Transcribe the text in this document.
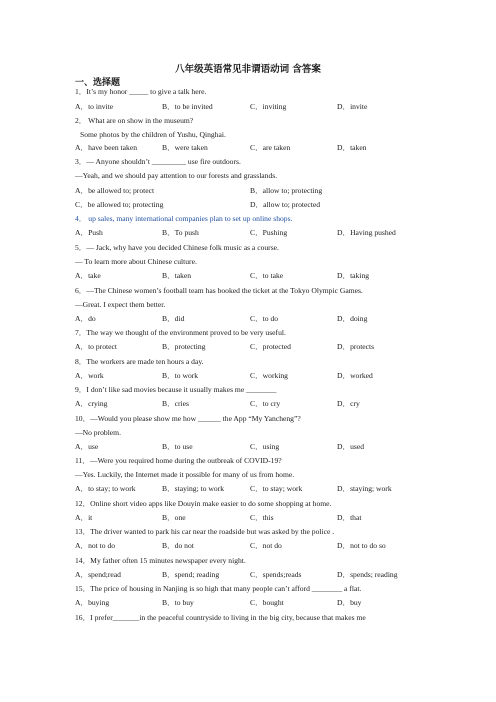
八年级英语常见非谓语动词 含答案
一、选择题
1．It’s my honor _____ to give a talk here.
A．to invite	B．to be invited	C．inviting	D．invite
2． What are on show in the museum?
Some photos by the children of Yushu, Qinghai.
A．have been taken	B．were taken	C．are taken	D．taken
3．— Anyone shouldn’t _________ use fire outdoors.
—Yeah, and we should pay attention to our forests and grasslands.
A．be allowed to; protect	B．allow to; protecting
C．be allowed to; protecting	D．allow to; protected
4． up sales, many international companies plan to set up online shops.
A．Push	B．To push	C．Pushing	D．Having pushed
5．— Jack, why have you decided Chinese folk music as a course.
— To learn more about Chinese culture.
A．take	B．taken	C．to take	D．taking
6．—The Chinese women’s football team has booked the ticket at the Tokyo Olympic Games.
—Great. I expect them better.
A．do	B．did	C．to do	D．doing
7．The way we thought of the environment proved to be very useful.
A．to protect	B．protecting	C．protected	D．protects
8．The workers are made ten hours a day.
A．work	B．to work	C．working	D．worked
9．I don’t like sad movies because it usually makes me ________
A．crying	B．cries	C．to cry	D．cry
10．—Would you please show me how ______ the App “My Yancheng”?
—No problem.
A．use	B．to use	C．using	D．used
11．—Were you required home during the outbreak of COVID-19?
—Yes. Luckily, the Internet made it possible for many of us from home.
A．to stay; to work	B．staying; to work	C．to stay; work	D．staying; work
12．Online short video apps like Douyin make easier to do some shopping at home.
A．it	B．one	C．this	D．that
13．The driver wanted to park his car near the roadside but was asked by the police .
A．not to do	B．do not	C．not do	D．not to do so
14．My father often 15 minutes newspaper every night.
A．spend;read	B．spend; reading	C．spends;reads	D．spends; reading
15．The price of housing in Nanjing is so high that many people can’t afford ________ a flat.
A．buying	B．to buy	C．bought	D．buy
16．I prefer_______in the peaceful countryside to living in the big city, because that makes me
